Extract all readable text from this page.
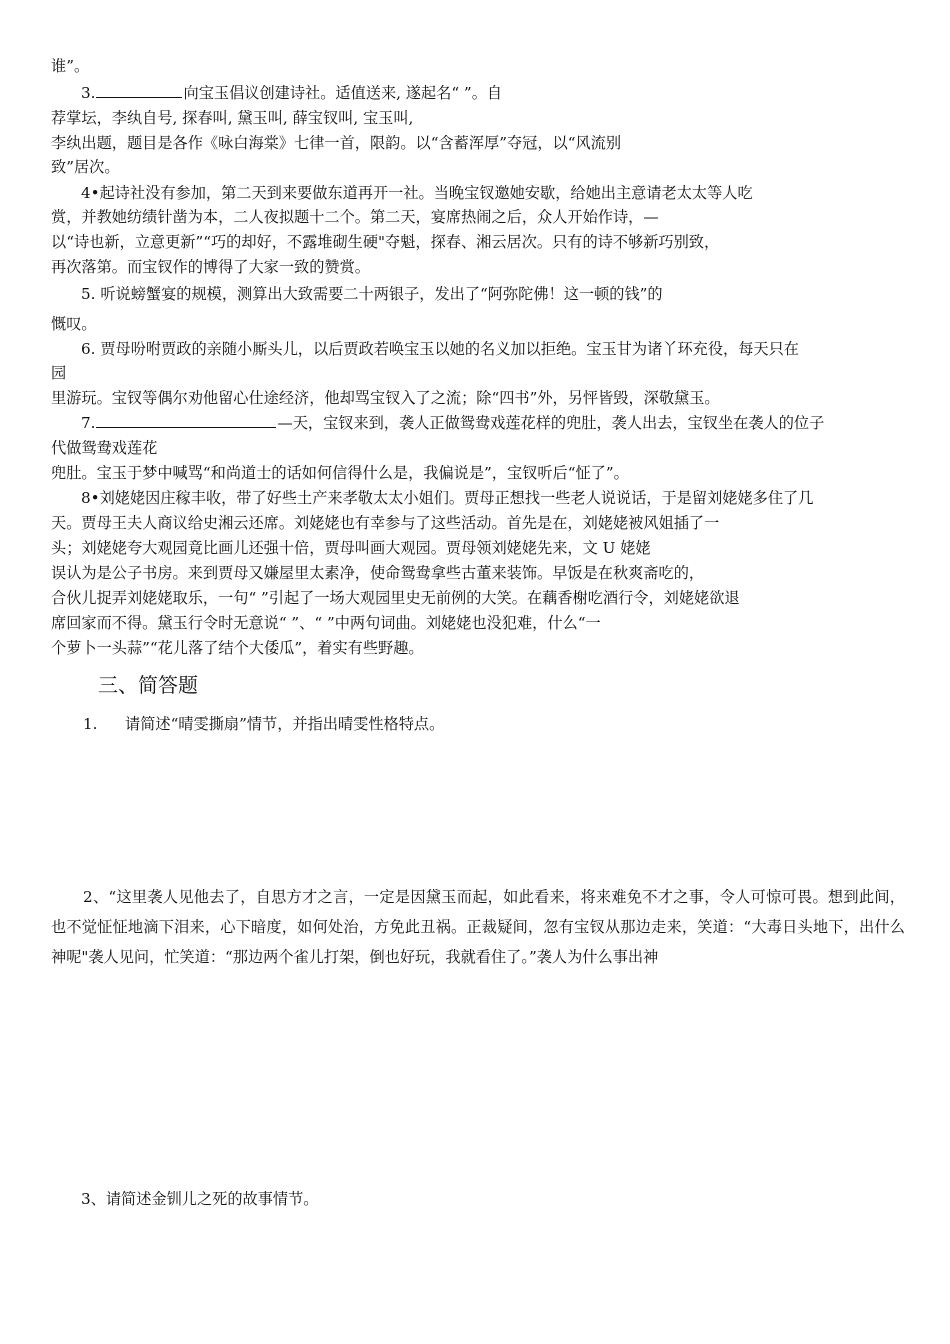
谁”。

3.	向宝玉倡议创建诗社。适值送来, 遂起名“ ”。自

荐掌坛，李纨自号, 探春叫, 黛玉叫, 薛宝钗叫, 宝玉叫,

李纨出题，题目是各作《咏白海棠》七律一首，限韵。以“含蓄浑厚”夺冠，以“风流别

致”居次。

4•起诗社没有参加，第二天到来要做东道再开一社。当晚宝钗邀她安歇，给她出主意请老太太等人吃

赏，并教她纺绩针凿为本，二人夜拟题十二个。第二天，宴席热闹之后，众人开始作诗，—

以“诗也新，立意更新”“巧的却好，不露堆砌生硬"夺魁，探春、湘云居次。只有的诗不够新巧别致，

再次落第。而宝钗作的博得了大家一致的赞赏。

5. 听说螃蟹宴的规模，测算出大致需要二十两银子，发出了“阿弥陀佛！这一顿的钱”的

慨叹。

6. 贾母吩咐贾政的亲随小厮头儿，以后贾政若唤宝玉以她的名义加以拒绝。宝玉甘为诸丫环充役，每天只在

园

里游玩。宝钗等偶尔劝他留心仕途经济，他却骂宝钗入了之流；除“四书”外，另怦皆毁，深敬黛玉。

7.	—天，宝钗来到，袭人正做鸳鸯戏莲花样的兜肚，袭人出去，宝钗坐在袭人的位子

代做鸳鸯戏莲花

兜肚。宝玉于梦中喊骂“和尚道士的话如何信得什么是，我偏说是”，宝钗听后“怔了”。

8•刘姥姥因庄稼丰收，带了好些土产来孝敬太太小姐们。贾母正想找一些老人说说话，于是留刘姥姥多住了几

天。贾母王夫人商议给史湘云还席。刘姥姥也有幸参与了这些活动。首先是在，刘姥姥被风姐插了一

头；刘姥姥夸大观园竟比画儿还强十倍，贾母叫画大观园。贾母领刘姥姥先来，文 U 姥姥

误认为是公子书房。来到贾母又嫌屋里太素净，使命鸳鸯拿些古董来装饰。早饭是在秋爽斋吃的，

合伙儿捉弄刘姥姥取乐，一句“ ”引起了一场大观园里史无前例的大笑。在藕香榭吃酒行令，刘姥姥欲退

席回家而不得。黛玉行令时无意说“ ”、“ ”中两句词曲。刘姥姥也没犯难，什么“一

个萝卜一头蒜”“花儿落了结个大倭瓜”，着实有些野趣。

三、简答题
1. 请简述“晴雯撕扇”情节，并指出晴雯性格特点。

2、“这里袭人见他去了，自思方才之言，一定是因黛玉而起，如此看来，将来难免不才之事，令人可惊可畏。想到此间，也不觉怔怔地滴下泪来，心下暗度，如何处治，方免此丑祸。正裁疑间，忽有宝钗从那边走来，笑道：“大毒日头地下，出什么神呢"袭人见问，忙笑道：“那边两个雀儿打架，倒也好玩，我就看住了。”袭人为什么事出神

3、请简述金钏儿之死的故事情节。
